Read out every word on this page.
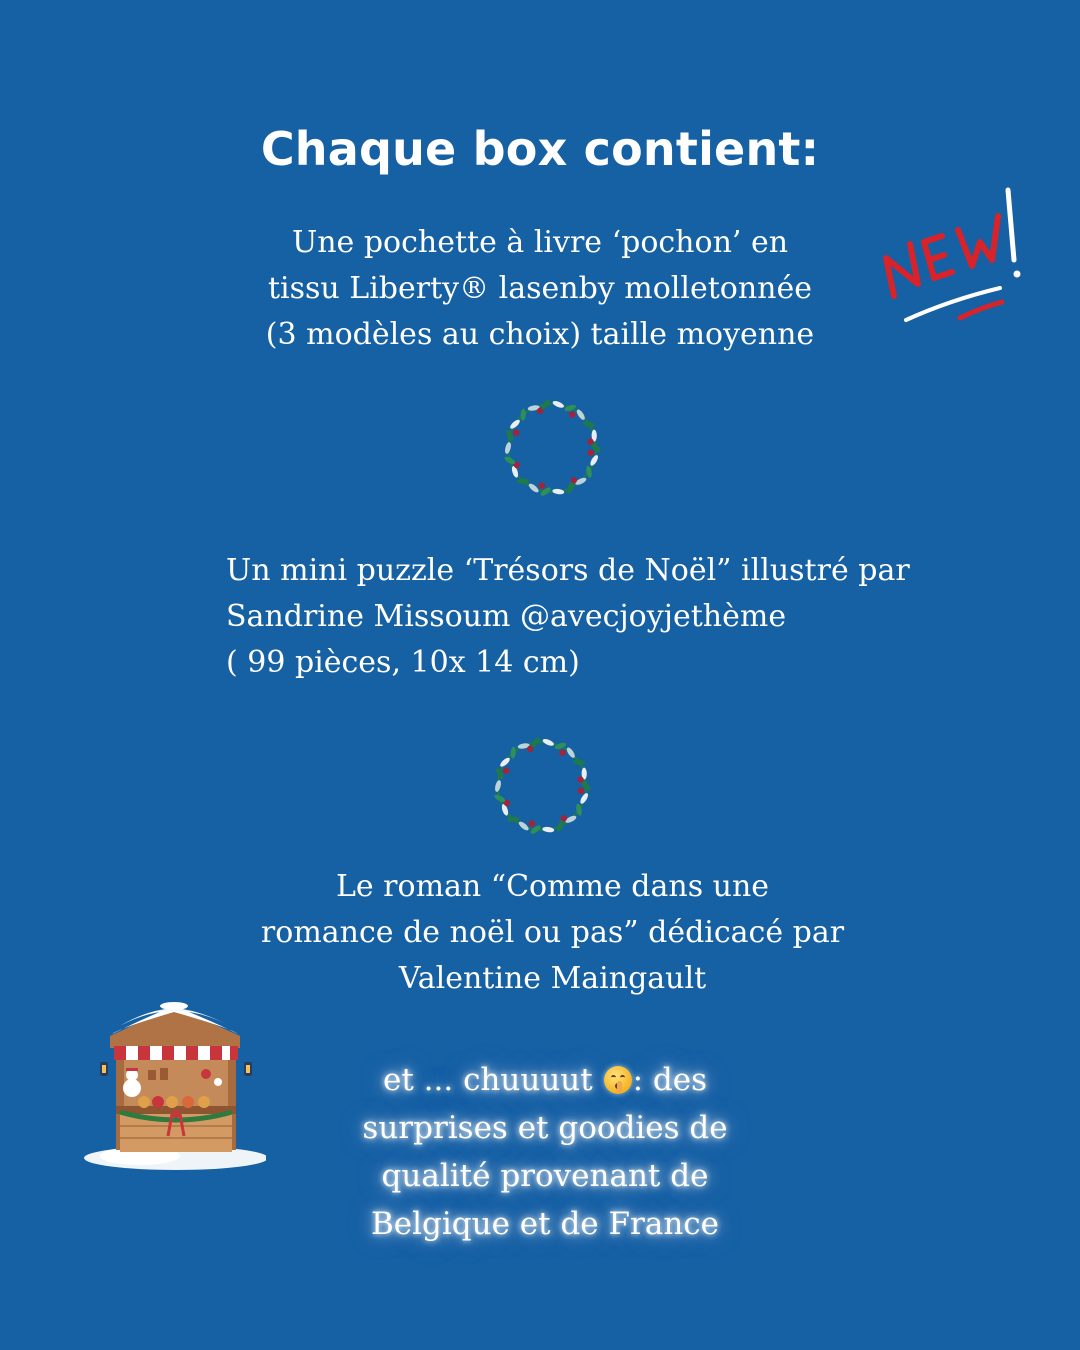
Chaque box contient:
Une pochette à livre ‘pochon’ en
tissu Liberty® lasenby molletonnée
(3 modèles au choix) taille moyenne
Un mini puzzle ‘Trésors de Noël” illustré par
Sandrine Missoum @avecjoyjethème
( 99 pièces, 10x 14 cm)
Le roman “Comme dans une
romance de noël ou pas” dédicacé par
Valentine Maingault
et ... chuuuut
: des
surprises et goodies de
qualité provenant de
Belgique et de France
